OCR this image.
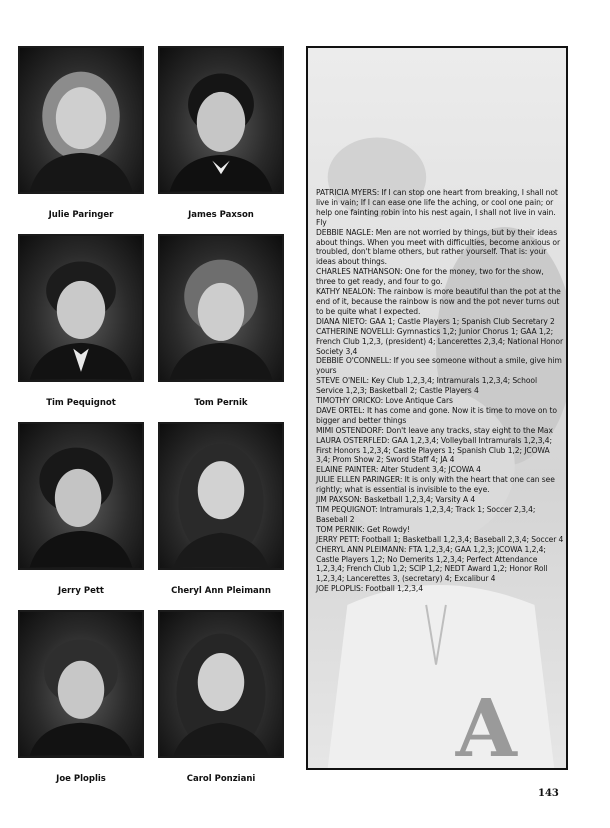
Julie Paringer	James Paxson
Tim Pequignot	Tom Pernik
Jerry Pett	Cheryl Ann Pleimann
Joe Ploplis	Carol Ponziani
A

PATRICIA MYERS: If I can stop one heart from breaking, I shall not live in vain; If I can ease one life the aching, or cool one pain; or help one fainting robin into his nest again, I shall not live in vain. Fly

DEBBIE NAGLE: Men are not worried by things, but by their ideas about things. When you meet with difficulties, become anxious or troubled, don't blame others, but rather yourself. That is: your ideas about things.

CHARLES NATHANSON: One for the money, two for the show, three to get ready, and four to go.

KATHY NEALON: The rainbow is more beautiful than the pot at the end of it, because the rainbow is now and the pot never turns out to be quite what I expected.

DIANA NIETO: GAA 1; Castle Players 1; Spanish Club Secretary 2

CATHERINE NOVELLI: Gymnastics 1,2; Junior Chorus 1; GAA 1,2; French Club 1,2,3, (president) 4; Lancerettes 2,3,4; National Honor Society 3,4

DEBBIE O'CONNELL: If you see someone without a smile, give him yours

STEVE O'NEIL: Key Club 1,2,3,4; Intramurals 1,2,3,4; School Service 1,2,3; Basketball 2; Castle Players 4

TIMOTHY ORICKO: Love Antique Cars

DAVE ORTEL: It has come and gone. Now it is time to move on to bigger and better things

MIMI OSTENDORF: Don't leave any tracks, stay eight to the Max

LAURA OSTERFLED: GAA 1,2,3,4; Volleyball Intramurals 1,2,3,4; First Honors 1,2,3,4; Castle Players 1; Spanish Club 1,2; JCOWA 3,4; Prom Show 2; Sword Staff 4; JA 4

ELAINE PAINTER: Alter Student 3,4; JCOWA 4

JULIE ELLEN PARINGER: It is only with the heart that one can see rightly; what is essential is invisible to the eye.

JIM PAXSON: Basketball 1,2,3,4; Varsity A 4

TIM PEQUIGNOT: Intramurals 1,2,3,4; Track 1; Soccer 2,3,4; Baseball 2

TOM PERNIK: Get Rowdy!

JERRY PETT: Football 1; Basketball 1,2,3,4; Baseball 2,3,4; Soccer 4

CHERYL ANN PLEIMANN: FTA 1,2,3,4; GAA 1,2,3; JCOWA 1,2,4; Castle Players 1,2; No Demerits 1,2,3,4; Perfect Attendance 1,2,3,4; French Club 1,2; SCIP 1,2; NEDT Award 1,2; Honor Roll 1,2,3,4; Lancerettes 3, (secretary) 4; Excalibur 4

JOE PLOPLIS: Football 1,2,3,4

143
